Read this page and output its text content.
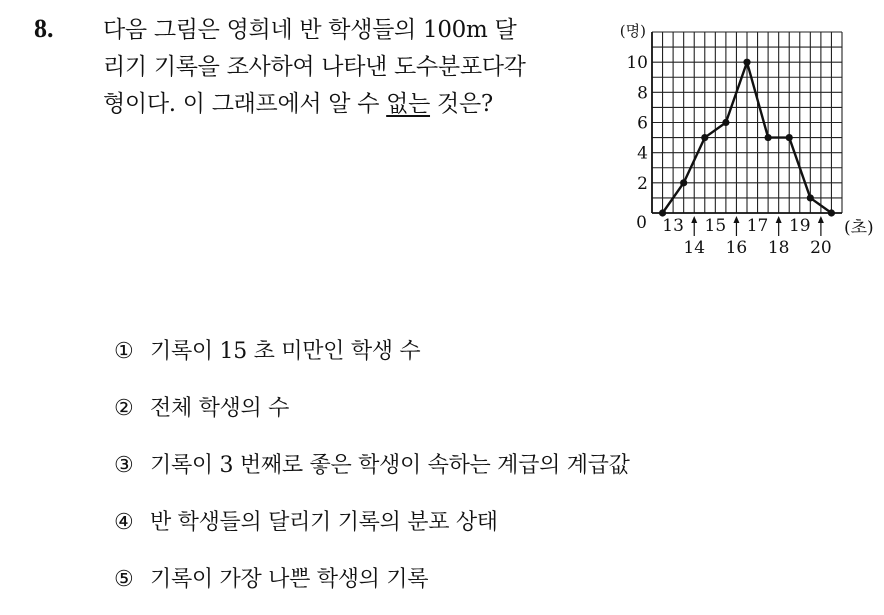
8. 다음 그림은 영희네 반 학생들의 100m 달
리기 기록을 조사하여 나타낸 도수분포다각
형이다. 이 그래프에서 알 수 없는 것은?
2
4
6
8
10
0
(명)
(초)
13 15 17 19
14 16 18 20
① 기록이 15 초 미만인 학생 수
② 전체 학생의 수
③ 기록이 3 번째로 좋은 학생이 속하는 계급의 계급값
④ 반 학생들의 달리기 기록의 분포 상태
⑤ 기록이 가장 나쁜 학생의 기록
